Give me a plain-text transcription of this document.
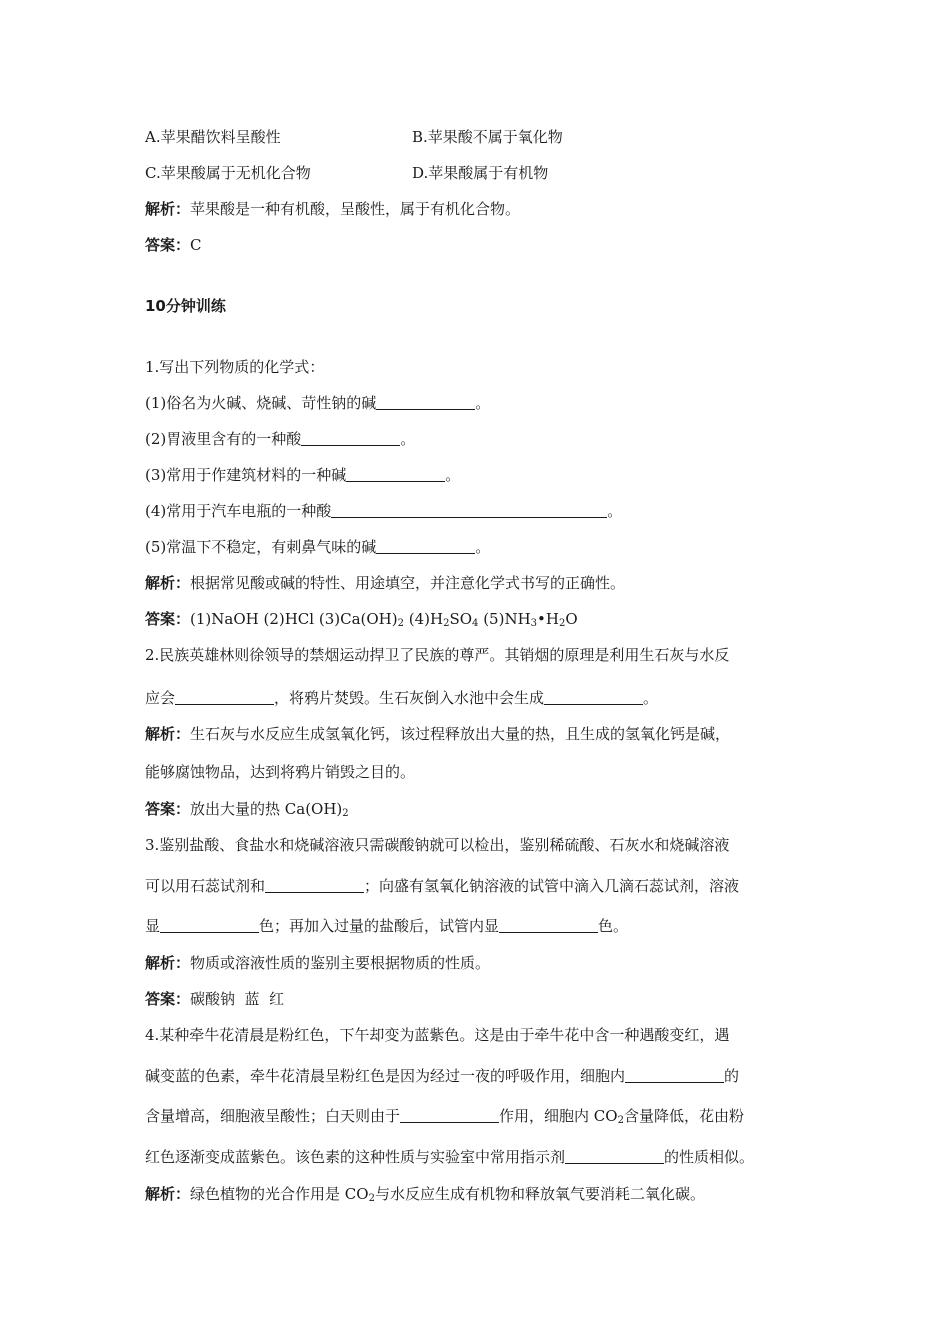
A.苹果醋饮料呈酸性	B.苹果酸不属于氧化物
C.苹果酸属于无机化合物	D.苹果酸属于有机物
解析：苹果酸是一种有机酸，呈酸性，属于有机化合物。
答案：C
10分钟训练
1.写出下列物质的化学式：
(1)俗名为火碱、烧碱、苛性钠的碱	。
(2)胃液里含有的一种酸	。
(3)常用于作建筑材料的一种碱	。
(4)常用于汽车电瓶的一种酸	。
(5)常温下不稳定，有刺鼻气味的碱	。
解析：根据常见酸或碱的特性、用途填空，并注意化学式书写的正确性。
答案：(1)NaOH (2)HCl $(3)Ca(OH)_2$ $(4)H_2SO_4$ $(5)NH_3•H_2O$
2.民族英雄林则徐领导的禁烟运动捍卫了民族的尊严。其销烟的原理是利用生石灰与水反
应会	，将鸦片焚毁。生石灰倒入水池中会生成	。
解析：生石灰与水反应生成氢氧化钙，该过程释放出大量的热，且生成的氢氧化钙是碱，
能够腐蚀物品，达到将鸦片销毁之目的。
答案：放出大量的热 $Ca(OH)_2$
3.鉴别盐酸、食盐水和烧碱溶液只需碳酸钠就可以检出，鉴别稀硫酸、石灰水和烧碱溶液
可以用石蕊试剂和	；向盛有氢氧化钠溶液的试管中滴入几滴石蕊试剂，溶液
显	色；再加入过量的盐酸后，试管内显	色。
解析：物质或溶液性质的鉴别主要根据物质的性质。
答案：碳酸钠  蓝  红
4.某种牵牛花清晨是粉红色，下午却变为蓝紫色。这是由于牵牛花中含一种遇酸变红，遇
碱变蓝的色素，牵牛花清晨呈粉红色是因为经过一夜的呼吸作用，细胞内	的
含量增高，细胞液呈酸性；白天则由于	作用，细胞内 $CO_2$含量降低，花由粉
红色逐渐变成蓝紫色。该色素的这种性质与实验室中常用指示剂	的性质相似。
解析：绿色植物的光合作用是 $CO_2$与水反应生成有机物和释放氧气要消耗二氧化碳。
